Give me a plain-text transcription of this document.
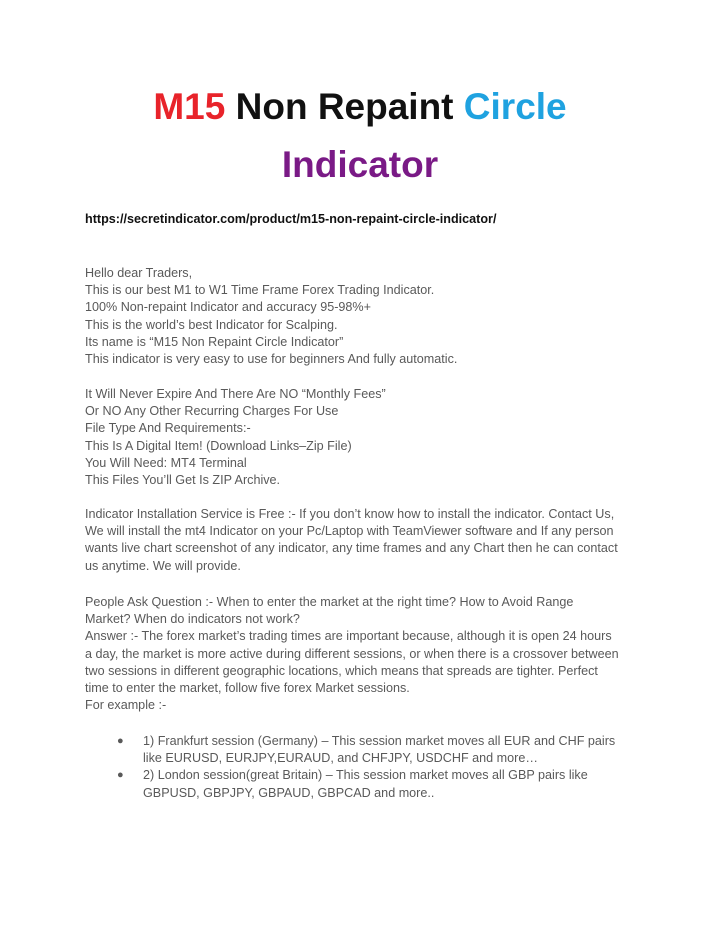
M15 Non Repaint Circle
Indicator
https://secretindicator.com/product/m15-non-repaint-circle-indicator/
Hello dear Traders,
This is our best M1 to W1 Time Frame Forex Trading Indicator.
100% Non-repaint Indicator and accuracy 95-98%+
This is the world’s best Indicator for Scalping.
Its name is “M15 Non Repaint Circle Indicator”
This indicator is very easy to use for beginners And fully automatic.
It Will Never Expire And There Are NO “Monthly Fees”
Or NO Any Other Recurring Charges For Use
File Type And Requirements:-
This Is A Digital Item! (Download Links–Zip File)
You Will Need: MT4 Terminal
This Files You’ll Get Is ZIP Archive.
Indicator Installation Service is Free :- If you don’t know how to install the indicator. Contact Us,
We will install the mt4 Indicator on your Pc/Laptop with TeamViewer software and If any person
wants live chart screenshot of any indicator, any time frames and any Chart then he can contact
us anytime. We will provide.
People Ask Question :- When to enter the market at the right time? How to Avoid Range
Market? When do indicators not work?
Answer :- The forex market’s trading times are important because, although it is open 24 hours
a day, the market is more active during different sessions, or when there is a crossover between
two sessions in different geographic locations, which means that spreads are tighter. Perfect
time to enter the market, follow five forex Market sessions.
For example :-
● 1) Frankfurt session (Germany) – This session market moves all EUR and CHF pairs
like EURUSD, EURJPY,EURAUD, and CHFJPY, USDCHF and more…
● 2) London session(great Britain) – This session market moves all GBP pairs like
GBPUSD, GBPJPY, GBPAUD, GBPCAD and more..
